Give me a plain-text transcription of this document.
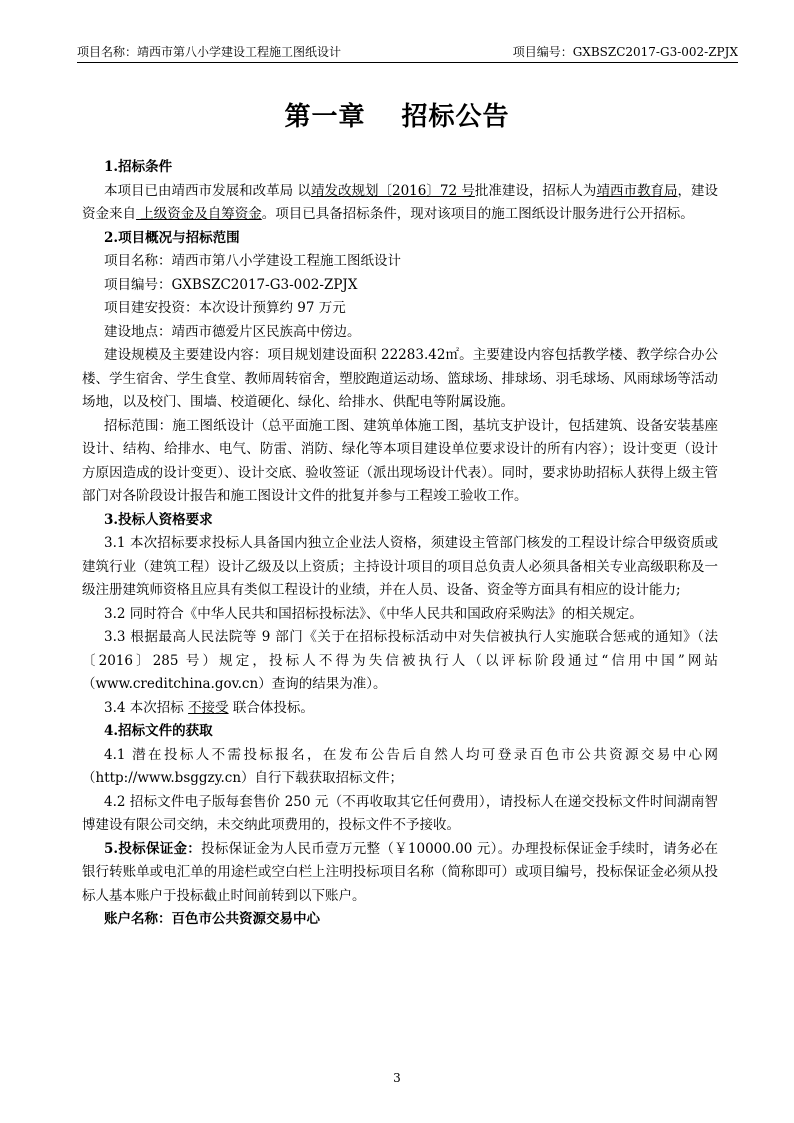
项目名称：靖西市第八小学建设工程施工图纸设计	项目编号：GXBSZC2017-G3-002-ZPJX
第一章 招标公告

1.招标条件

本项目已由靖西市发展和改革局 以靖发改规划〔2016〕72 号批准建设，招标人为靖西市教育局，建设资金来自 上级资金及自筹资金。项目已具备招标条件，现对该项目的施工图纸设计服务进行公开招标。

2.项目概况与招标范围

项目名称：靖西市第八小学建设工程施工图纸设计

项目编号：GXBSZC2017-G3-002-ZPJX

项目建安投资：本次设计预算约 97 万元

建设地点：靖西市德爱片区民族高中傍边。

建设规模及主要建设内容：项目规划建设面积 22283.42㎡。主要建设内容包括教学楼、教学综合办公楼、学生宿舍、学生食堂、教师周转宿舍，塑胶跑道运动场、篮球场、排球场、羽毛球场、风雨球场等活动场地，以及校门、围墙、校道硬化、绿化、给排水、供配电等附属设施。

招标范围：施工图纸设计（总平面施工图、建筑单体施工图，基坑支护设计，包括建筑、设备安装基座设计、结构、给排水、电气、防雷、消防、绿化等本项目建设单位要求设计的所有内容）；设计变更（设计方原因造成的设计变更）、设计交底、验收签证（派出现场设计代表）。同时，要求协助招标人获得上级主管部门对各阶段设计报告和施工图设计文件的批复并参与工程竣工验收工作。

3.投标人资格要求

3.1 本次招标要求投标人具备国内独立企业法人资格，须建设主管部门核发的工程设计综合甲级资质或建筑行业（建筑工程）设计乙级及以上资质；主持设计项目的项目总负责人必须具备相关专业高级职称及一级注册建筑师资格且应具有类似工程设计的业绩，并在人员、设备、资金等方面具有相应的设计能力;

3.2 同时符合《中华人民共和国招标投标法》、《中华人民共和国政府采购法》的相关规定。

3.3 根据最高人民法院等 9 部门《关于在招标投标活动中对失信被执行人实施联合惩戒的通知》（法〔2016〕285 号）规定，投标人不得为失信被执行人（以评标阶段通过“信用中国”网站（www.creditchina.gov.cn）查询的结果为准）。

3.4 本次招标 不接受 联合体投标。

4.招标文件的获取

4.1 潜在投标人不需投标报名，在发布公告后自然人均可登录百色市公共资源交易中心网（http://www.bsggzy.cn）自行下载获取招标文件；

4.2 招标文件电子版每套售价 250 元（不再收取其它任何费用），请投标人在递交投标文件时间湖南智博建设有限公司交纳，未交纳此项费用的，投标文件不予接收。

5.投标保证金：投标保证金为人民币壹万元整（￥10000.00 元）。办理投标保证金手续时，请务必在银行转账单或电汇单的用途栏或空白栏上注明投标项目名称（简称即可）或项目编号，投标保证金必须从投标人基本账户于投标截止时间前转到以下账户。

账户名称：百色市公共资源交易中心

3
